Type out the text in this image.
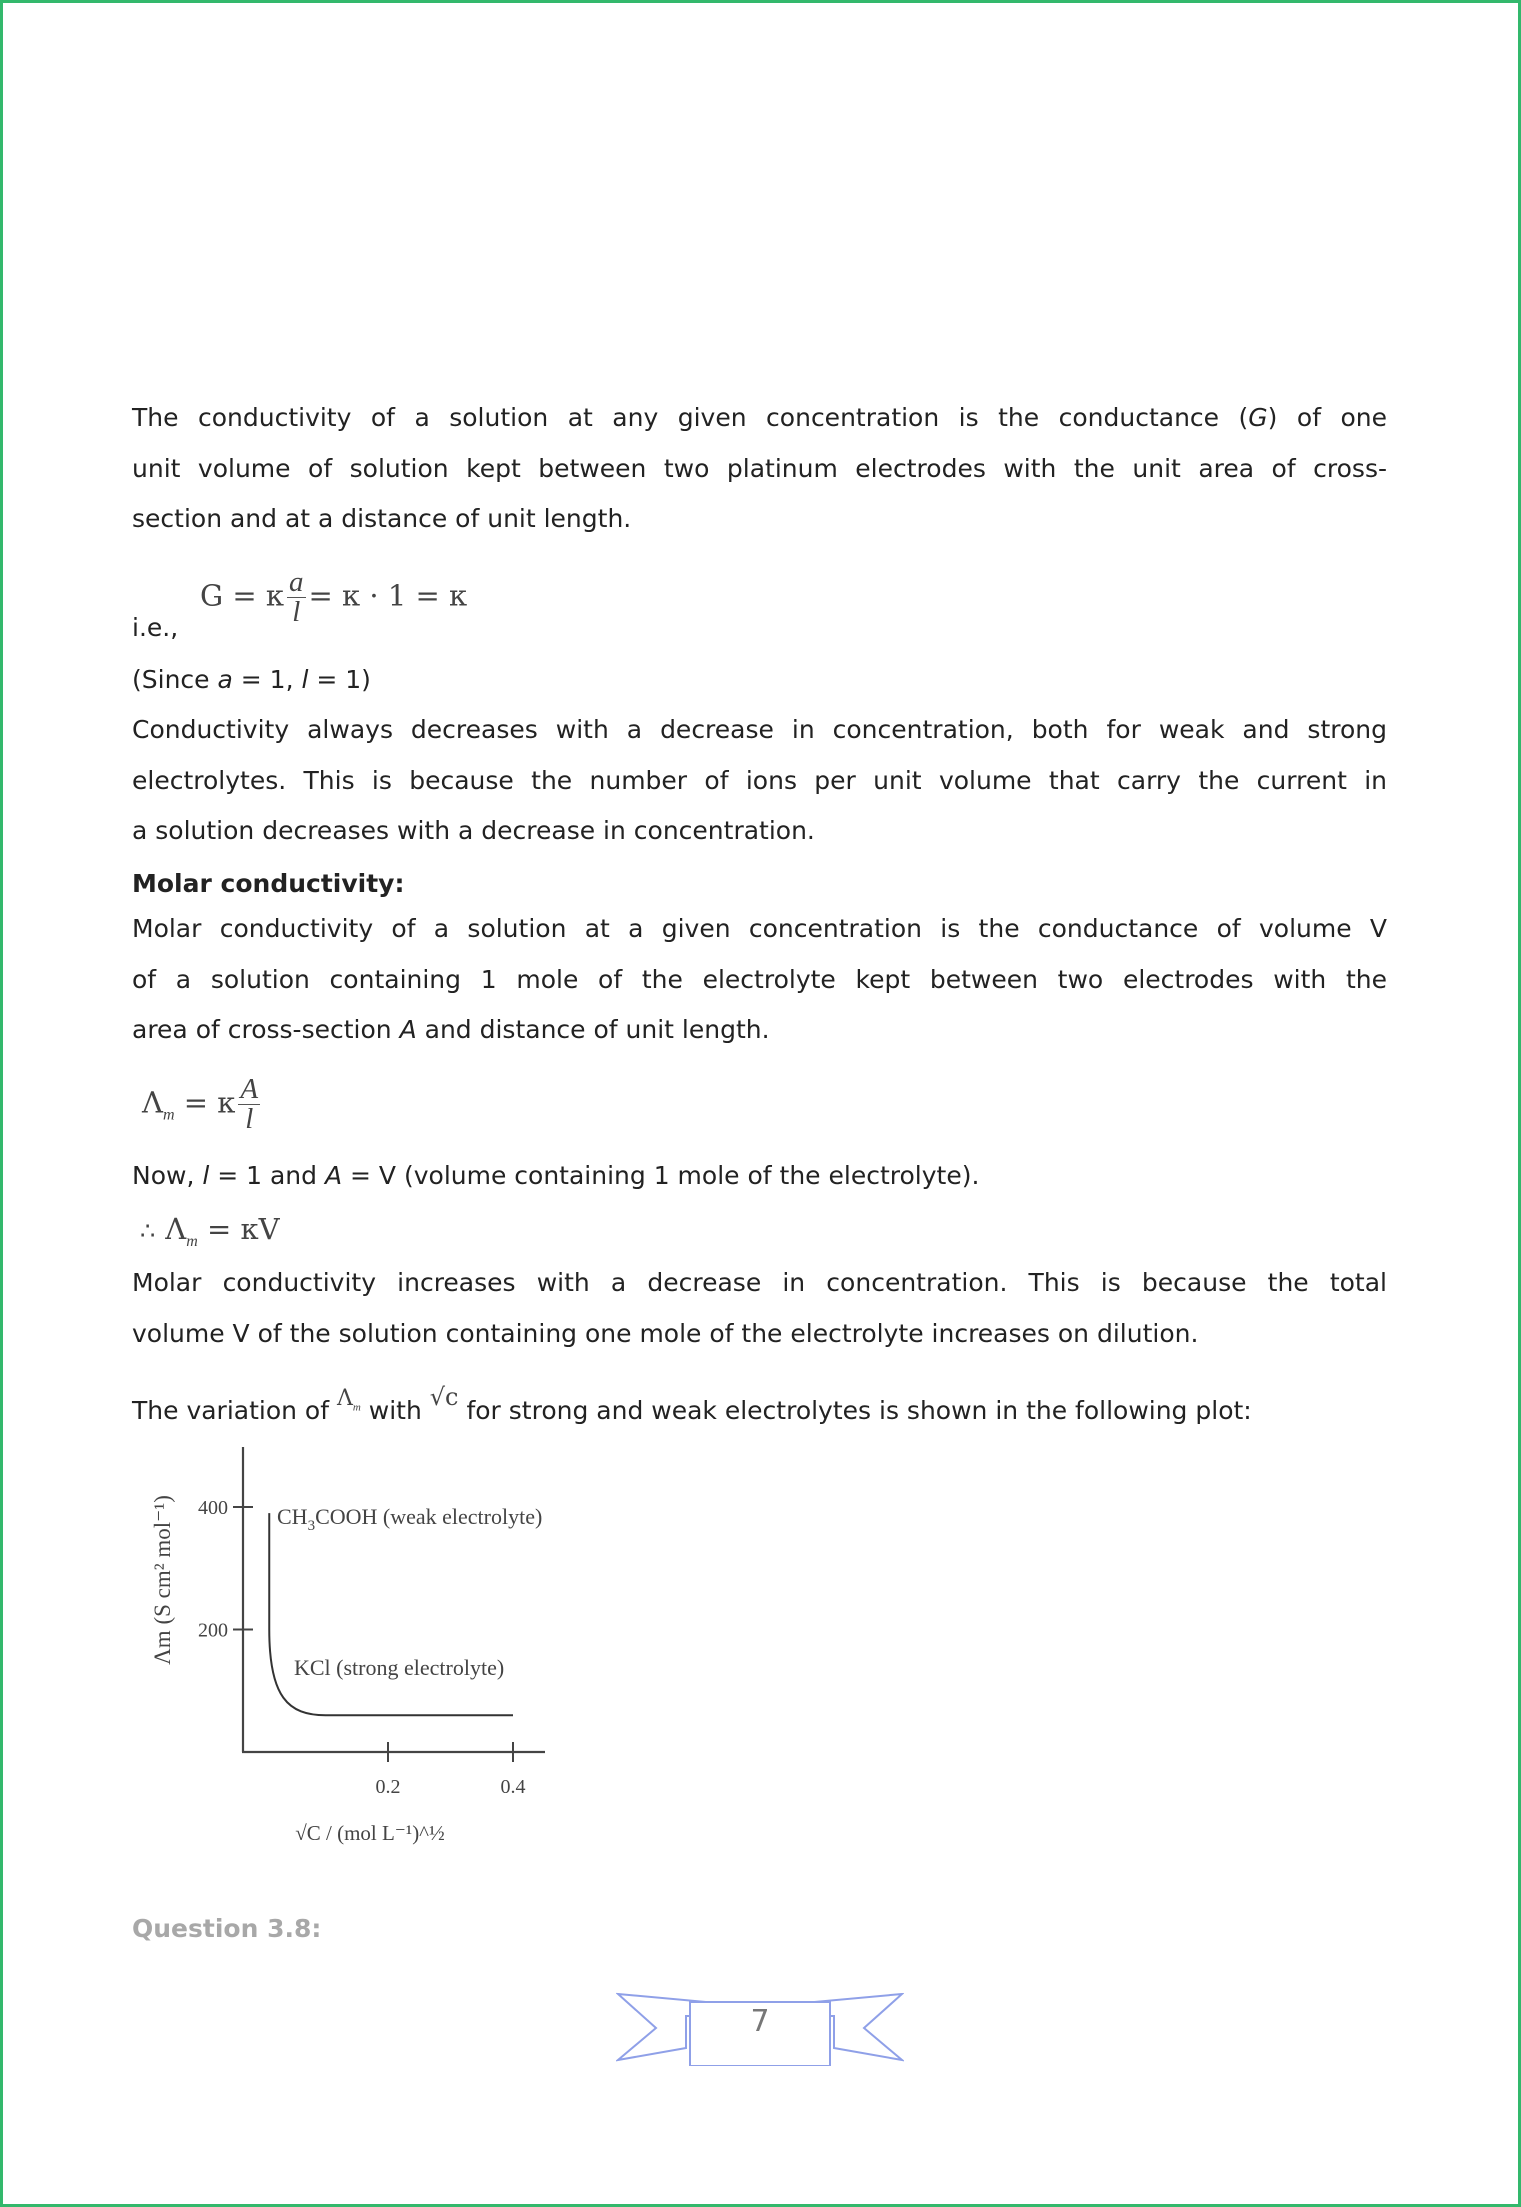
The conductivity of a solution at any given concentration is the conductance (G) of one
unit volume of solution kept between two platinum electrodes with the unit area of cross-
section and at a distance of unit length.
G = κ $\frac{a}{l} = \kappa \cdot 1 = \kappa$
i.e.,
(Since a = 1, l = 1)
Conductivity always decreases with a decrease in concentration, both for weak and strong
electrolytes. This is because the number of ions per unit volume that carry the current in
a solution decreases with a decrease in concentration.
Molar conductivity:
Molar conductivity of a solution at a given concentration is the conductance of volume V
of a solution containing 1 mole of the electrolyte kept between two electrodes with the
area of cross-section A and distance of unit length.
$\Lambda_m = \kappa \frac{A}{l}$
Now, l = 1 and A = V (volume containing 1 mole of the electrolyte).
∴ $\Lambda_m = \kappa V$
Molar conductivity increases with a decrease in concentration. This is because the total
volume V of the solution containing one mole of the electrolyte increases on dilution.
The variation of $\Lambda_m$ with √c for strong and weak electrolytes is shown in the following plot:
200
400
0.2	0.4
$CH_3COOH$ (weak electrolyte)
KCl (strong electrolyte)
Λm (S cm² mol⁻¹)
√C / (mol L⁻¹)^½
Question 3.8:
7
